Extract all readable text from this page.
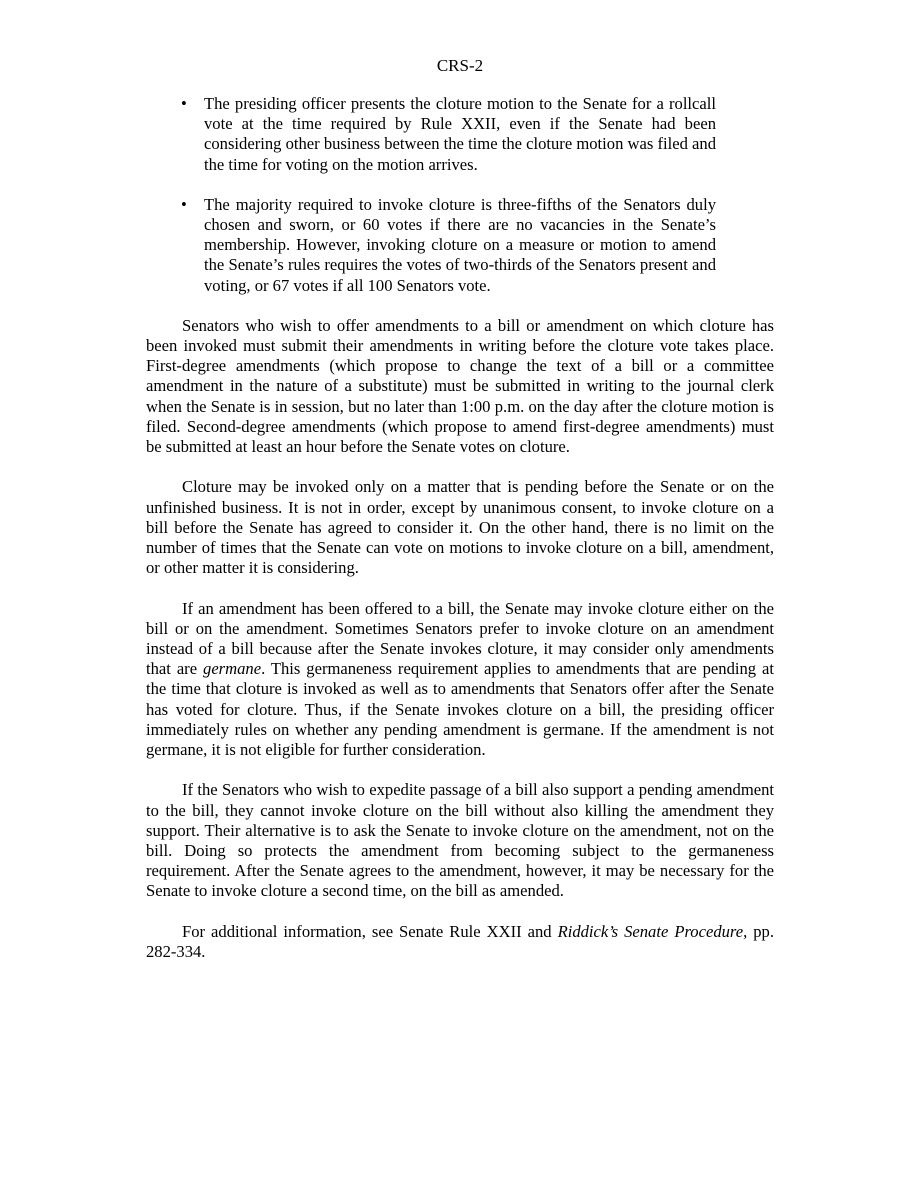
CRS-2
• The presiding officer presents the cloture motion to the Senate for a rollcall vote at the time required by Rule XXII, even if the Senate had been considering other business between the time the cloture motion was filed and the time for voting on the motion arrives.
• The majority required to invoke cloture is three-fifths of the Senators duly chosen and sworn, or 60 votes if there are no vacancies in the Senate’s membership. However, invoking cloture on a measure or motion to amend the Senate’s rules requires the votes of two-thirds of the Senators present and voting, or 67 votes if all 100 Senators vote.

Senators who wish to offer amendments to a bill or amendment on which cloture has been invoked must submit their amendments in writing before the cloture vote takes place. First-degree amendments (which propose to change the text of a bill or a committee amendment in the nature of a substitute) must be submitted in writing to the journal clerk when the Senate is in session, but no later than 1:00 p.m. on the day after the cloture motion is filed. Second-degree amendments (which propose to amend first-degree amendments) must be submitted at least an hour before the Senate votes on cloture.

Cloture may be invoked only on a matter that is pending before the Senate or on the unfinished business. It is not in order, except by unanimous consent, to invoke cloture on a bill before the Senate has agreed to consider it. On the other hand, there is no limit on the number of times that the Senate can vote on motions to invoke cloture on a bill, amendment, or other matter it is considering.

If an amendment has been offered to a bill, the Senate may invoke cloture either on the bill or on the amendment. Sometimes Senators prefer to invoke cloture on an amendment instead of a bill because after the Senate invokes cloture, it may consider only amendments that are germane. This germaneness requirement applies to amendments that are pending at the time that cloture is invoked as well as to amendments that Senators offer after the Senate has voted for cloture. Thus, if the Senate invokes cloture on a bill, the presiding officer immediately rules on whether any pending amendment is germane. If the amendment is not germane, it is not eligible for further consideration.

If the Senators who wish to expedite passage of a bill also support a pending amendment to the bill, they cannot invoke cloture on the bill without also killing the amendment they support. Their alternative is to ask the Senate to invoke cloture on the amendment, not on the bill. Doing so protects the amendment from becoming subject to the germaneness requirement. After the Senate agrees to the amendment, however, it may be necessary for the Senate to invoke cloture a second time, on the bill as amended.

For additional information, see Senate Rule XXII and Riddick’s Senate Procedure, pp. 282-334.
